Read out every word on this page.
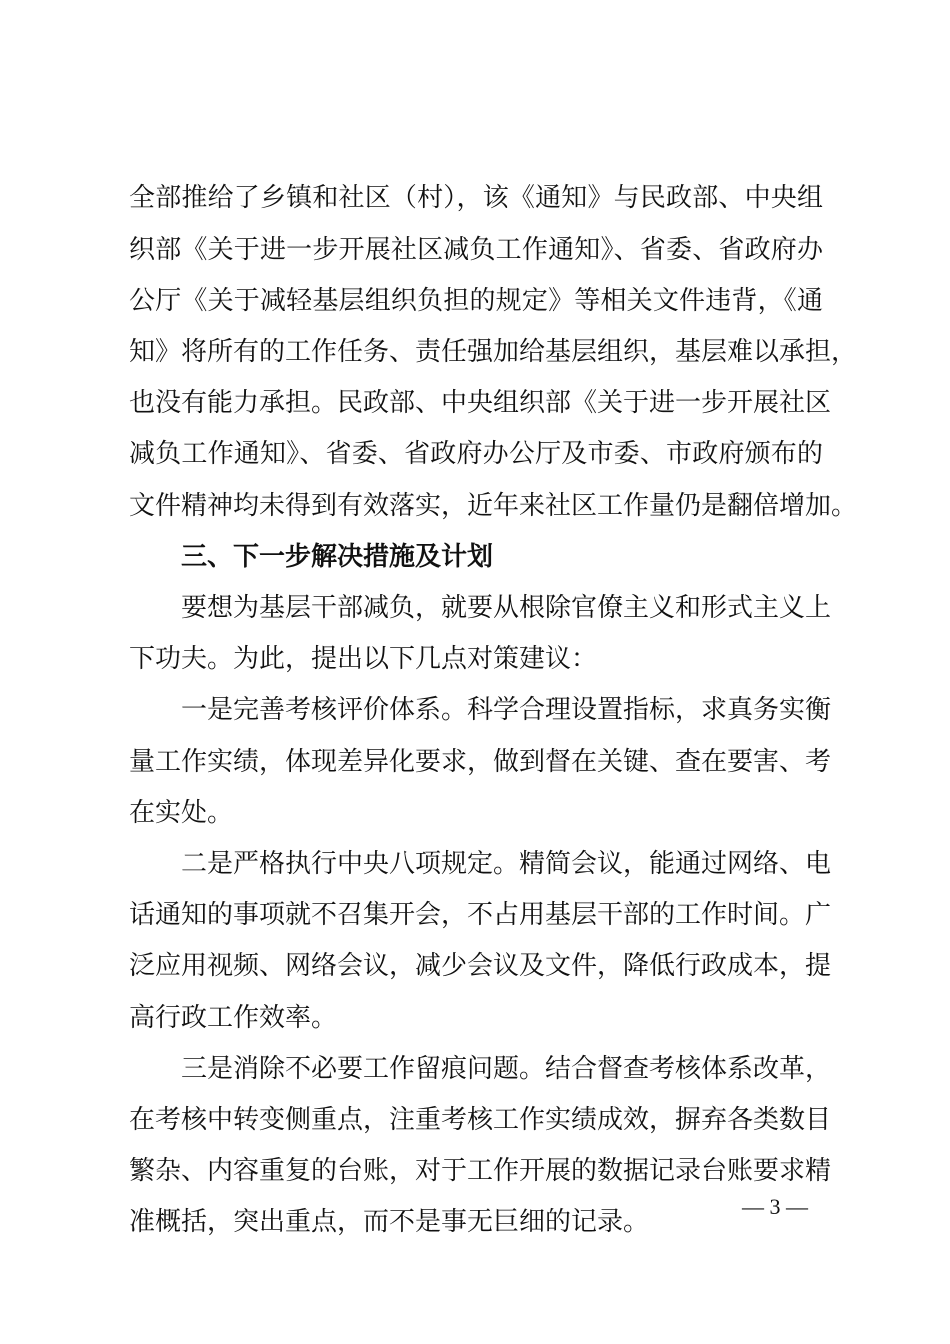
全部推给了乡镇和社区（村），该《通知》与民政部、中央组
织部《关于进一步开展社区减负工作通知》、省委、省政府办
公厅《关于减轻基层组织负担的规定》等相关文件违背，《通
知》将所有的工作任务、责任强加给基层组织，基层难以承担，
也没有能力承担。民政部、中央组织部《关于进一步开展社区
减负工作通知》、省委、省政府办公厅及市委、市政府颁布的
文件精神均未得到有效落实，近年来社区工作量仍是翻倍增加。
三、下一步解决措施及计划
要想为基层干部减负，就要从根除官僚主义和形式主义上
下功夫。为此，提出以下几点对策建议：
一是完善考核评价体系。科学合理设置指标，求真务实衡
量工作实绩，体现差异化要求，做到督在关键、查在要害、考
在实处。
二是严格执行中央八项规定。精简会议，能通过网络、电
话通知的事项就不召集开会，不占用基层干部的工作时间。广
泛应用视频、网络会议，减少会议及文件，降低行政成本，提
高行政工作效率。
三是消除不必要工作留痕问题。结合督查考核体系改革，
在考核中转变侧重点，注重考核工作实绩成效，摒弃各类数目
繁杂、内容重复的台账，对于工作开展的数据记录台账要求精
准概括，突出重点，而不是事无巨细的记录。
— 3 —
